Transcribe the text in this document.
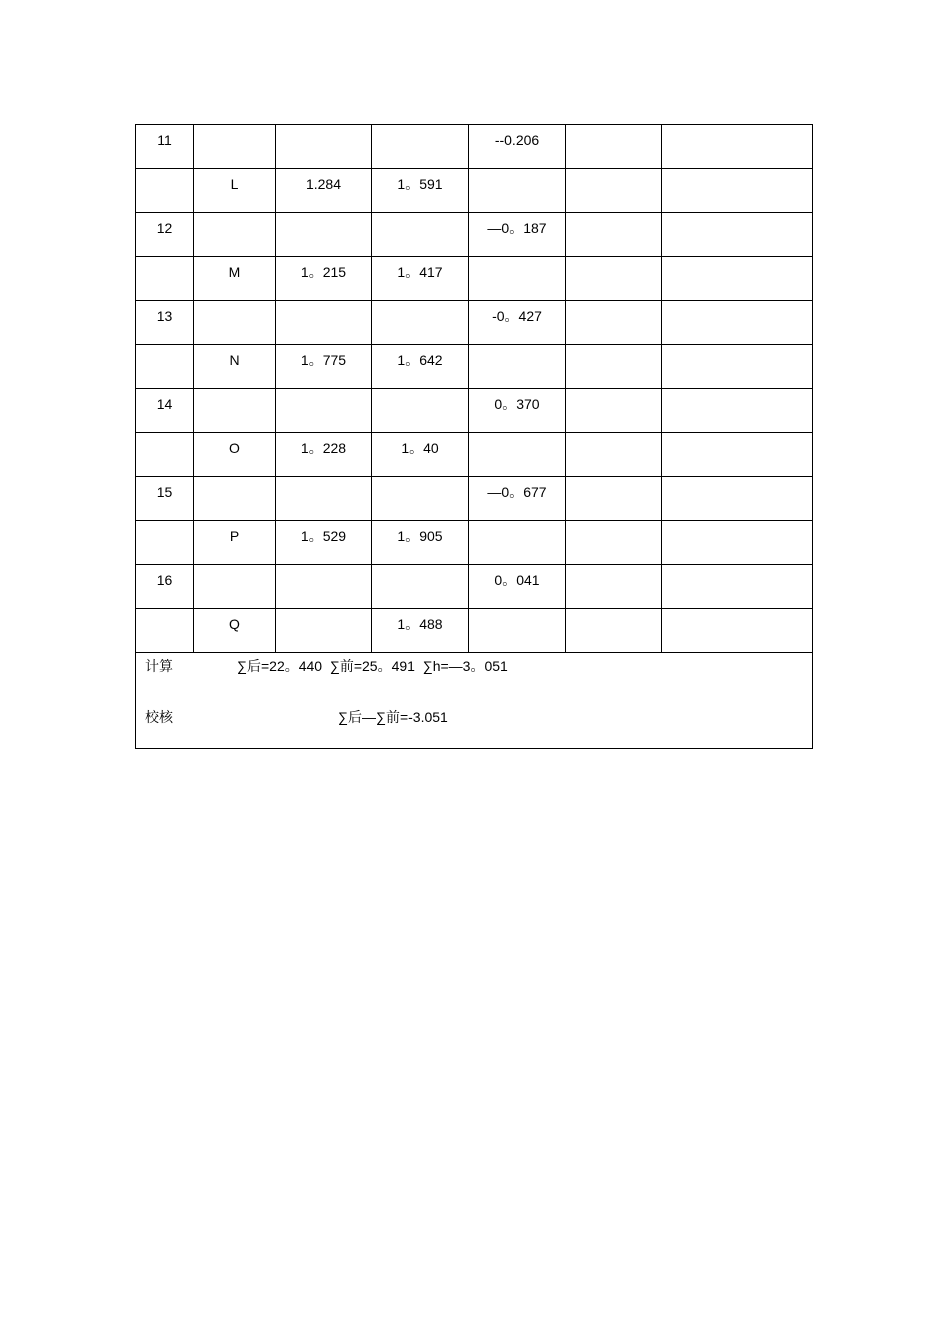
11				--0.206		
	L	1.284	1。591			
12				—0。187		
	M	1。215	1。417			
13				-0。427		
	N	1。775	1。642			
14				0。370		
	O	1。228	1。40			
15				—0。677		
	P	1。529	1。905			
16				0。041		
	Q		1。488			

计算 ∑后=22。440  ∑前=25。491  ∑h=—3。051
校核 ∑后—∑前=-3.051						
